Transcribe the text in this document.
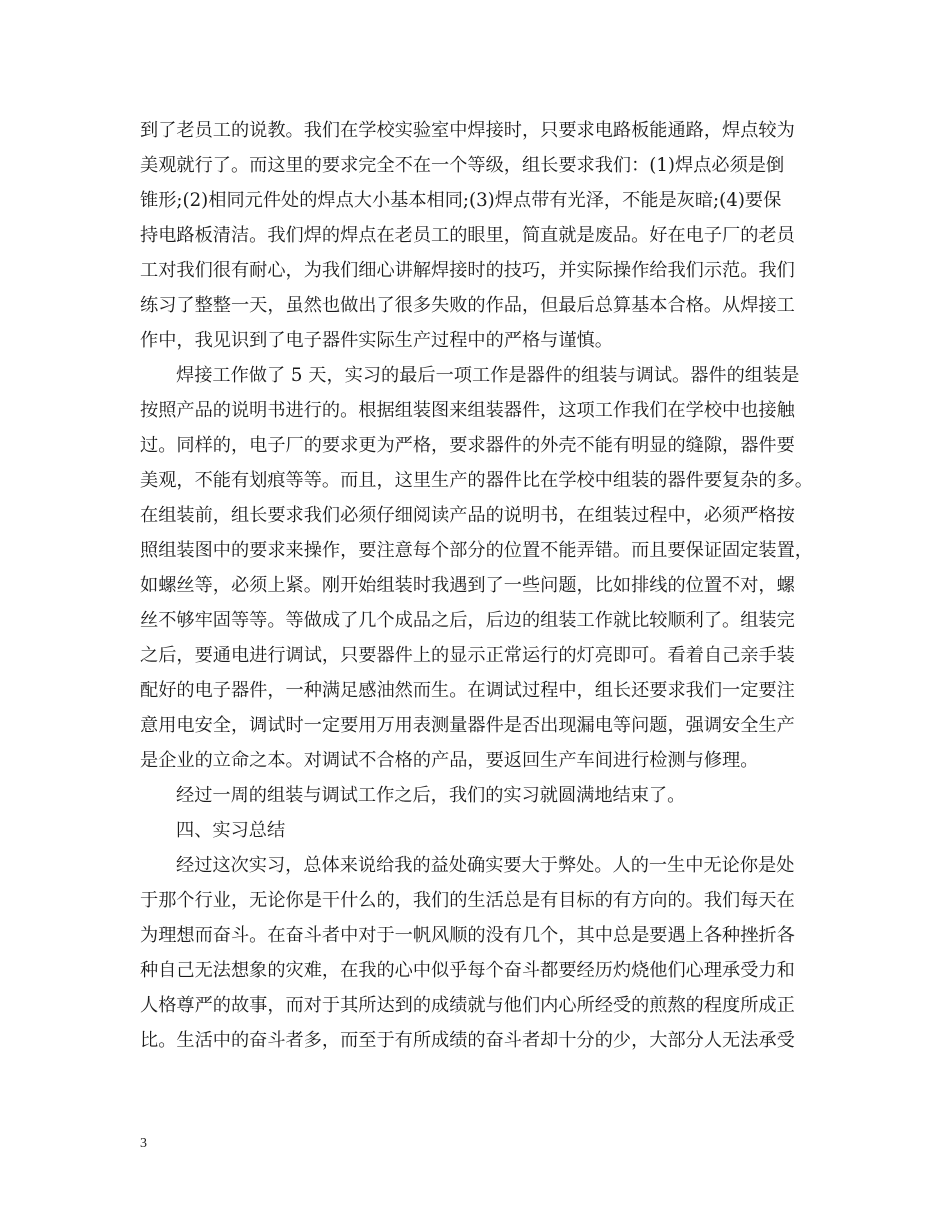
到了老员工的说教。我们在学校实验室中焊接时，只要求电路板能通路，焊点较为
美观就行了。而这里的要求完全不在一个等级，组长要求我们：(1)焊点必须是倒
锥形;(2)相同元件处的焊点大小基本相同;(3)焊点带有光泽，不能是灰暗;(4)要保
持电路板清洁。我们焊的焊点在老员工的眼里，简直就是废品。好在电子厂的老员
工对我们很有耐心，为我们细心讲解焊接时的技巧，并实际操作给我们示范。我们
练习了整整一天，虽然也做出了很多失败的作品，但最后总算基本合格。从焊接工
作中，我见识到了电子器件实际生产过程中的严格与谨慎。
焊接工作做了 5 天，实习的最后一项工作是器件的组装与调试。器件的组装是
按照产品的说明书进行的。根据组装图来组装器件，这项工作我们在学校中也接触
过。同样的，电子厂的要求更为严格，要求器件的外壳不能有明显的缝隙，器件要
美观，不能有划痕等等。而且，这里生产的器件比在学校中组装的器件要复杂的多。
在组装前，组长要求我们必须仔细阅读产品的说明书，在组装过程中，必须严格按
照组装图中的要求来操作，要注意每个部分的位置不能弄错。而且要保证固定装置，
如螺丝等，必须上紧。刚开始组装时我遇到了一些问题，比如排线的位置不对，螺
丝不够牢固等等。等做成了几个成品之后，后边的组装工作就比较顺利了。组装完
之后，要通电进行调试，只要器件上的显示正常运行的灯亮即可。看着自己亲手装
配好的电子器件，一种满足感油然而生。在调试过程中，组长还要求我们一定要注
意用电安全，调试时一定要用万用表测量器件是否出现漏电等问题，强调安全生产
是企业的立命之本。对调试不合格的产品，要返回生产车间进行检测与修理。
经过一周的组装与调试工作之后，我们的实习就圆满地结束了。
四、实习总结
经过这次实习，总体来说给我的益处确实要大于弊处。人的一生中无论你是处
于那个行业，无论你是干什么的，我们的生活总是有目标的有方向的。我们每天在
为理想而奋斗。在奋斗者中对于一帆风顺的没有几个，其中总是要遇上各种挫折各
种自己无法想象的灾难，在我的心中似乎每个奋斗都要经历灼烧他们心理承受力和
人格尊严的故事，而对于其所达到的成绩就与他们内心所经受的煎熬的程度所成正
比。生活中的奋斗者多，而至于有所成绩的奋斗者却十分的少，大部分人无法承受
3
